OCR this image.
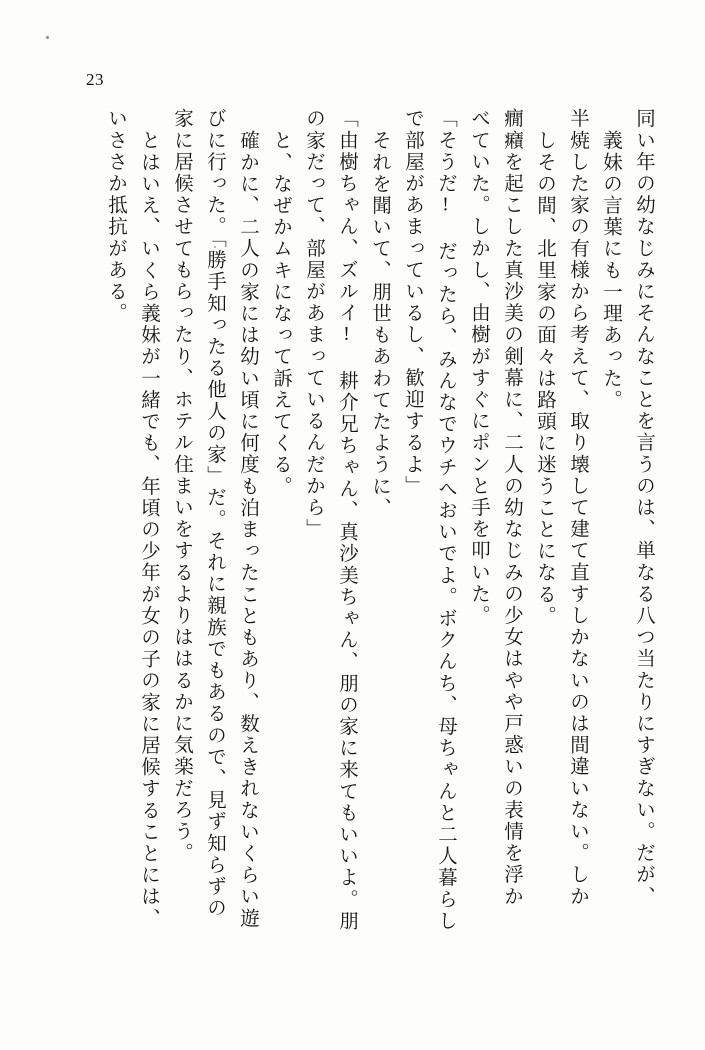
23
同い年の幼なじみにそんなことを言うのは、単なる八つ当たりにすぎない。だが、
義妹の言葉にも一理あった。
半焼した家の有様から考えて、取り壊して建て直すしかないのは間違いない。しか
しその間、北里家の面々は路頭に迷うことになる。
癇癪を起こした真沙美の剣幕に、二人の幼なじみの少女はやや戸惑いの表情を浮か
べていた。しかし、由樹がすぐにポンと手を叩いた。
「そうだ! だったら、みんなでウチへおいでよ。ボクんち、母ちゃんと二人暮らし
で部屋があまっているし、歓迎するよ」
それを聞いて、朋世もあわてたように、
「由樹ちゃん、ズルイ! 耕介兄ちゃん、真沙美ちゃん、朋の家に来てもいいよ。朋
の家だって、部屋があまっているんだから」
と、なぜかムキになって訴えてくる。
確かに、二人の家には幼い頃に何度も泊まったこともあり、数えきれないくらい遊
びに行った。「勝手知ったる他人の家」だ。それに親族でもあるので、見ず知らずの
家に居候させてもらったり、ホテル住まいをするよりははるかに気楽だろう。
とはいえ、いくら義妹が一緒でも、年頃の少年が女の子の家に居候することには、
いささか抵抗がある。
